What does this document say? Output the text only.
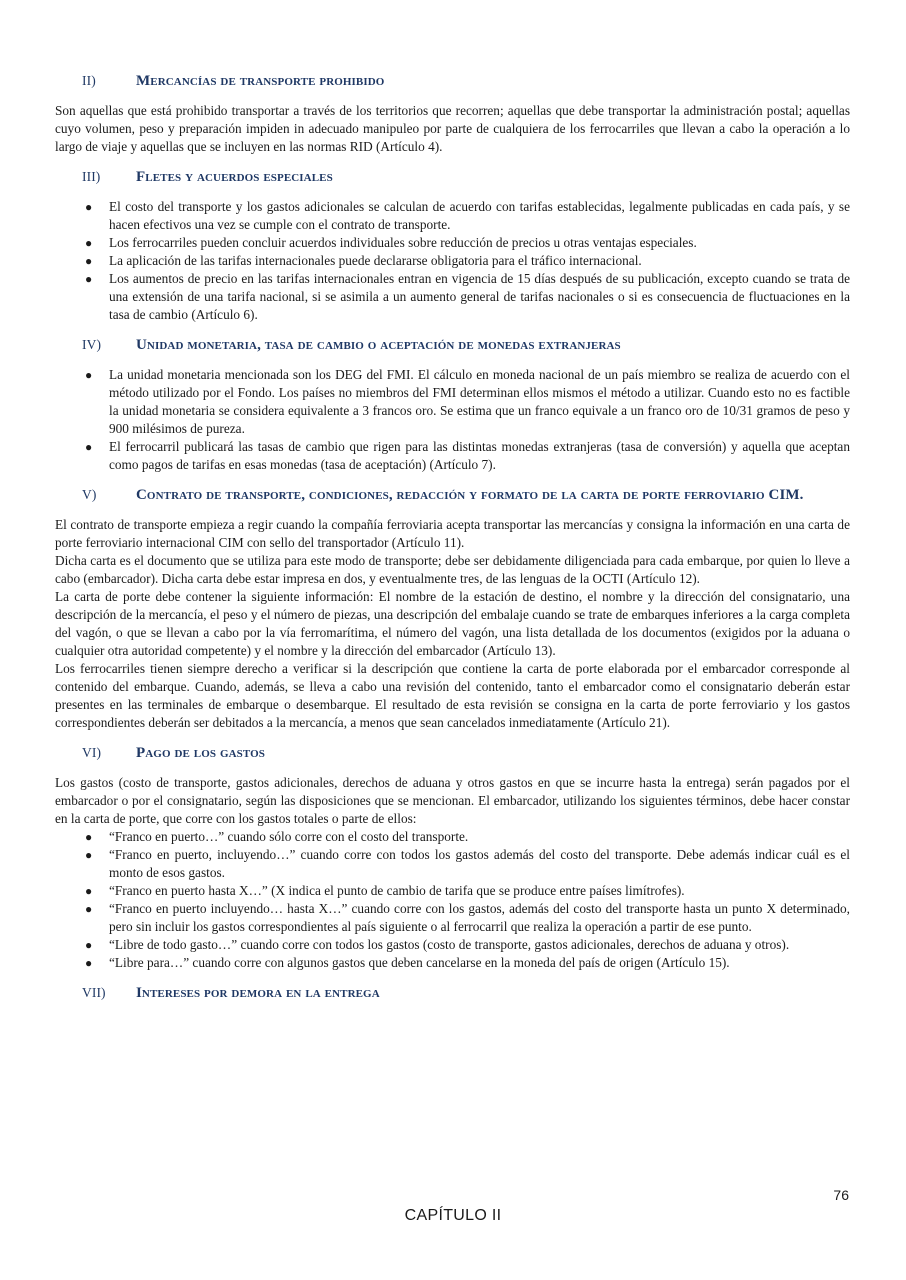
II)	Mercancías de transporte prohibido

Son aquellas que está prohibido transportar a través de los territorios que recorren; aquellas que debe transportar la administración postal; aquellas cuyo volumen, peso y preparación impiden in adecuado manipuleo por parte de cualquiera de los ferrocarriles que llevan a cabo la operación a lo largo de viaje y aquellas que se incluyen en las normas RID (Artículo 4).

III)	Fletes y acuerdos especiales
● El costo del transporte y los gastos adicionales se calculan de acuerdo con tarifas establecidas, legalmente publicadas en cada país, y se hacen efectivos una vez se cumple con el contrato de transporte.
● Los ferrocarriles pueden concluir acuerdos individuales sobre reducción de precios u otras ventajas especiales.
● La aplicación de las tarifas internacionales puede declararse obligatoria para el tráfico internacional.
● Los aumentos de precio en las tarifas internacionales entran en vigencia de 15 días después de su publicación, excepto cuando se trata de una extensión de una tarifa nacional, si se asimila a un aumento general de tarifas nacionales o si es consecuencia de fluctuaciones en la tasa de cambio (Artículo 6).
IV)	Unidad monetaria, tasa de cambio o aceptación de monedas extranjeras
● La unidad monetaria mencionada son los DEG del FMI. El cálculo en moneda nacional de un país miembro se realiza de acuerdo con el método utilizado por el Fondo. Los países no miembros del FMI determinan ellos mismos el método a utilizar. Cuando esto no es factible la unidad monetaria se considera equivalente a 3 francos oro. Se estima que un franco equivale a un franco oro de 10/31 gramos de peso y 900 milésimos de pureza.
● El ferrocarril publicará las tasas de cambio que rigen para las distintas monedas extranjeras (tasa de conversión) y aquella que aceptan como pagos de tarifas en esas monedas (tasa de aceptación) (Artículo 7).
V)	Contrato de transporte, condiciones, redacción y formato de la carta de porte ferroviario CIM.

El contrato de transporte empieza a regir cuando la compañía ferroviaria acepta transportar las mercancías y consigna la información en una carta de porte ferroviario internacional CIM con sello del transportador (Artículo 11).

Dicha carta es el documento que se utiliza para este modo de transporte; debe ser debidamente diligenciada para cada embarque, por quien lo lleve a cabo (embarcador). Dicha carta debe estar impresa en dos, y eventualmente tres, de las lenguas de la OCTI (Artículo 12).

La carta de porte debe contener la siguiente información: El nombre de la estación de destino, el nombre y la dirección del consignatario, una descripción de la mercancía, el peso y el número de piezas, una descripción del embalaje cuando se trate de embarques inferiores a la carga completa del vagón, o que se llevan a cabo por la vía ferromarítima, el número del vagón, una lista detallada de los documentos (exigidos por la aduana o cualquier otra autoridad competente) y el nombre y la dirección del embarcador (Artículo 13).

Los ferrocarriles tienen siempre derecho a verificar si la descripción que contiene la carta de porte elaborada por el embarcador corresponde al contenido del embarque. Cuando, además, se lleva a cabo una revisión del contenido, tanto el embarcador como el consignatario deberán estar presentes en las terminales de embarque o desembarque. El resultado de esta revisión se consigna en la carta de porte ferroviario y los gastos correspondientes deberán ser debitados a la mercancía, a menos que sean cancelados inmediatamente (Artículo 21).

VI)	Pago de los gastos

Los gastos (costo de transporte, gastos adicionales, derechos de aduana y otros gastos en que se incurre hasta la entrega) serán pagados por el embarcador o por el consignatario, según las disposiciones que se mencionan. El embarcador, utilizando los siguientes términos, debe hacer constar en la carta de porte, que corre con los gastos totales o parte de ellos:

● “Franco en puerto…” cuando sólo corre con el costo del transporte.
● “Franco en puerto, incluyendo…” cuando corre con todos los gastos además del costo del transporte. Debe además indicar cuál es el monto de esos gastos.
● “Franco en puerto hasta X…” (X indica el punto de cambio de tarifa que se produce entre países limítrofes).
● “Franco en puerto incluyendo… hasta X…” cuando corre con los gastos, además del costo del transporte hasta un punto X determinado, pero sin incluir los gastos correspondientes al país siguiente o al ferrocarril que realiza la operación a partir de ese punto.
● “Libre de todo gasto…” cuando corre con todos los gastos (costo de transporte, gastos adicionales, derechos de aduana y otros).
● “Libre para…” cuando corre con algunos gastos que deben cancelarse en la moneda del país de origen (Artículo 15).
VII)	Intereses por demora en la entrega
76
CAPÍTULO II
